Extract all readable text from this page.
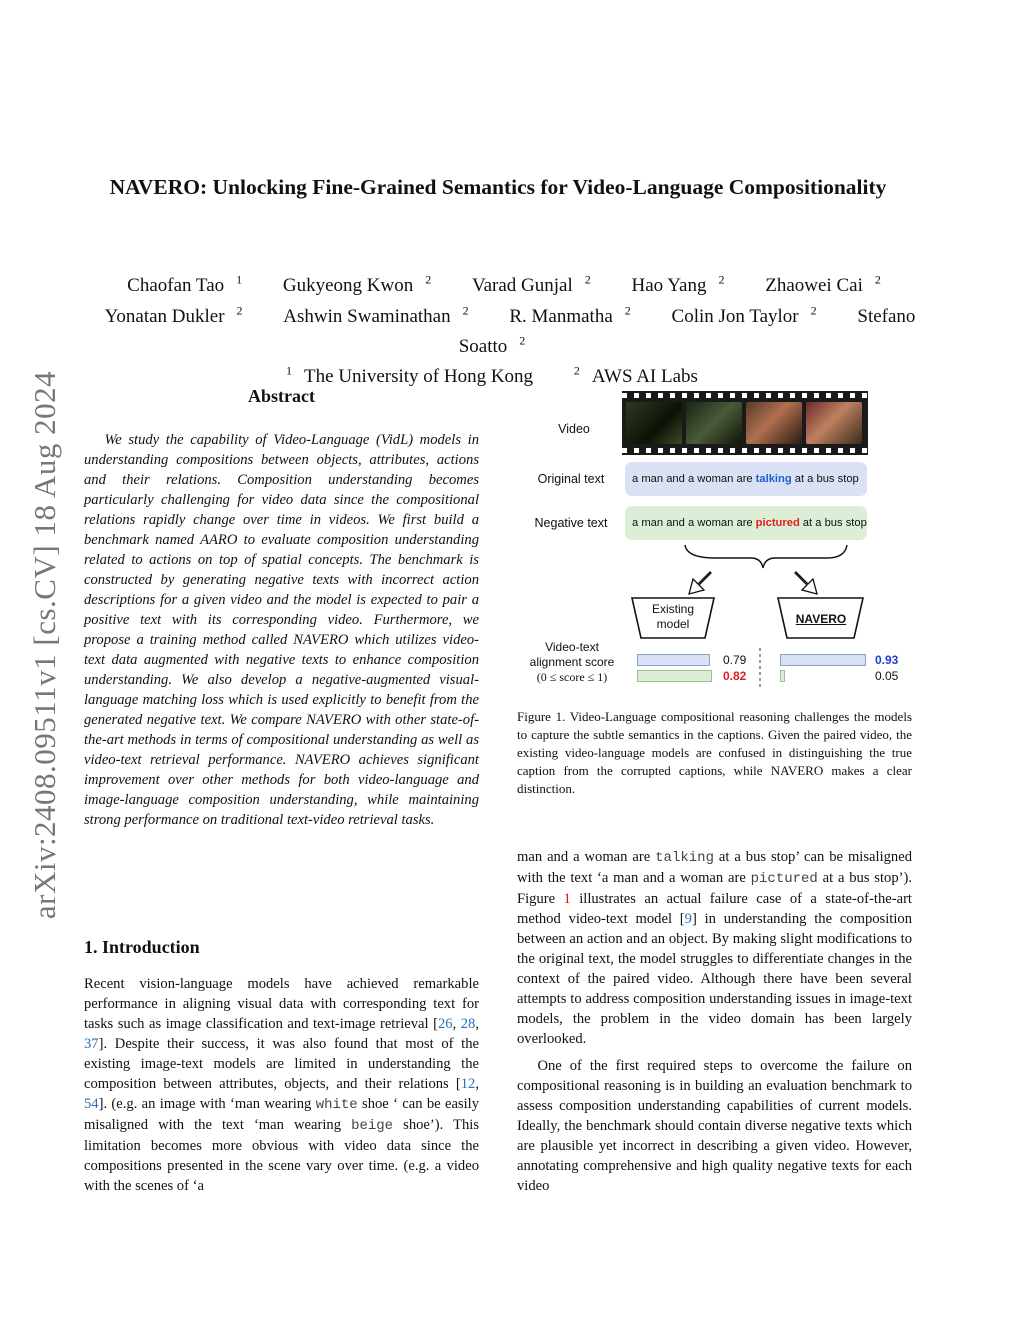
arXiv:2408.09511v1 [cs.CV] 18 Aug 2024
NAVERO: Unlocking Fine-Grained Semantics for Video-Language Compositionality
Chaofan Tao $^1$ Gukyeong Kwon $^2$ Varad Gunjal $^2$ Hao Yang $^2$ Zhaowei Cai $^2$
Yonatan Dukler $^2$ Ashwin Swaminathan $^2$ R. Manmatha $^2$ Colin Jon Taylor $^2$ Stefano Soatto $^2$
$^1$ The University of Hong Kong	$^2$ AWS AI Labs
Abstract

We study the capability of Video-Language (VidL) models in understanding compositions between objects, attributes, actions and their relations. Composition understanding becomes particularly challenging for video data since the compositional relations rapidly change over time in videos. We first build a benchmark named AARO to evaluate composition understanding related to actions on top of spatial concepts. The benchmark is constructed by generating negative texts with incorrect action descriptions for a given video and the model is expected to pair a positive text with its corresponding video. Furthermore, we propose a training method called NAVERO which utilizes video-text data augmented with negative texts to enhance composition understanding. We also develop a negative-augmented visual-language matching loss which is used explicitly to benefit from the generated negative text. We compare NAVERO with other state-of-the-art methods in terms of compositional understanding as well as video-text retrieval performance. NAVERO achieves significant improvement over other methods for both video-language and image-language composition understanding, while maintaining strong performance on traditional text-video retrieval tasks.

1. Introduction

Recent vision-language models have achieved remarkable performance in aligning visual data with corresponding text for tasks such as image classification and text-image retrieval [26, 28, 37]. Despite their success, it was also found that most of the existing image-text models are limited in understanding the composition between attributes, objects, and their relations [12, 54]. (e.g. an image with ‘man wearing white shoe ‘ can be easily misaligned with the text ‘man wearing beige shoe’). This limitation becomes more obvious with video data since the compositions presented in the scene vary over time. (e.g. a video with the scenes of ‘a

Video
Original text	a man and a woman are talking at a bus stop
Negative text	a man and a woman are pictured at a bus stop
Existing model	NAVERO
Video-text
alignment score
(0 ≤ score ≤ 1)
0.79
0.82
0.93
0.05
Figure 1. Video-Language compositional reasoning challenges the models to capture the subtle semantics in the captions. Given the paired video, the existing video-language models are confused in distinguishing the true caption from the corrupted captions, while NAVERO makes a clear distinction.

man and a woman are talking at a bus stop’ can be misaligned with the text ‘a man and a woman are pictured at a bus stop’). Figure 1 illustrates an actual failure case of a state-of-the-art method video-text model [9] in understanding the composition between an action and an object. By making slight modifications to the original text, the model struggles to differentiate changes in the context of the paired video. Although there have been several attempts to address composition understanding issues in image-text models, the problem in the video domain has been largely overlooked.

One of the first required steps to overcome the failure on compositional reasoning is in building an evaluation benchmark to assess composition understanding capabilities of current models. Ideally, the benchmark should contain diverse negative texts which are plausible yet incorrect in describing a given video. However, annotating comprehensive and high quality negative texts for each video
